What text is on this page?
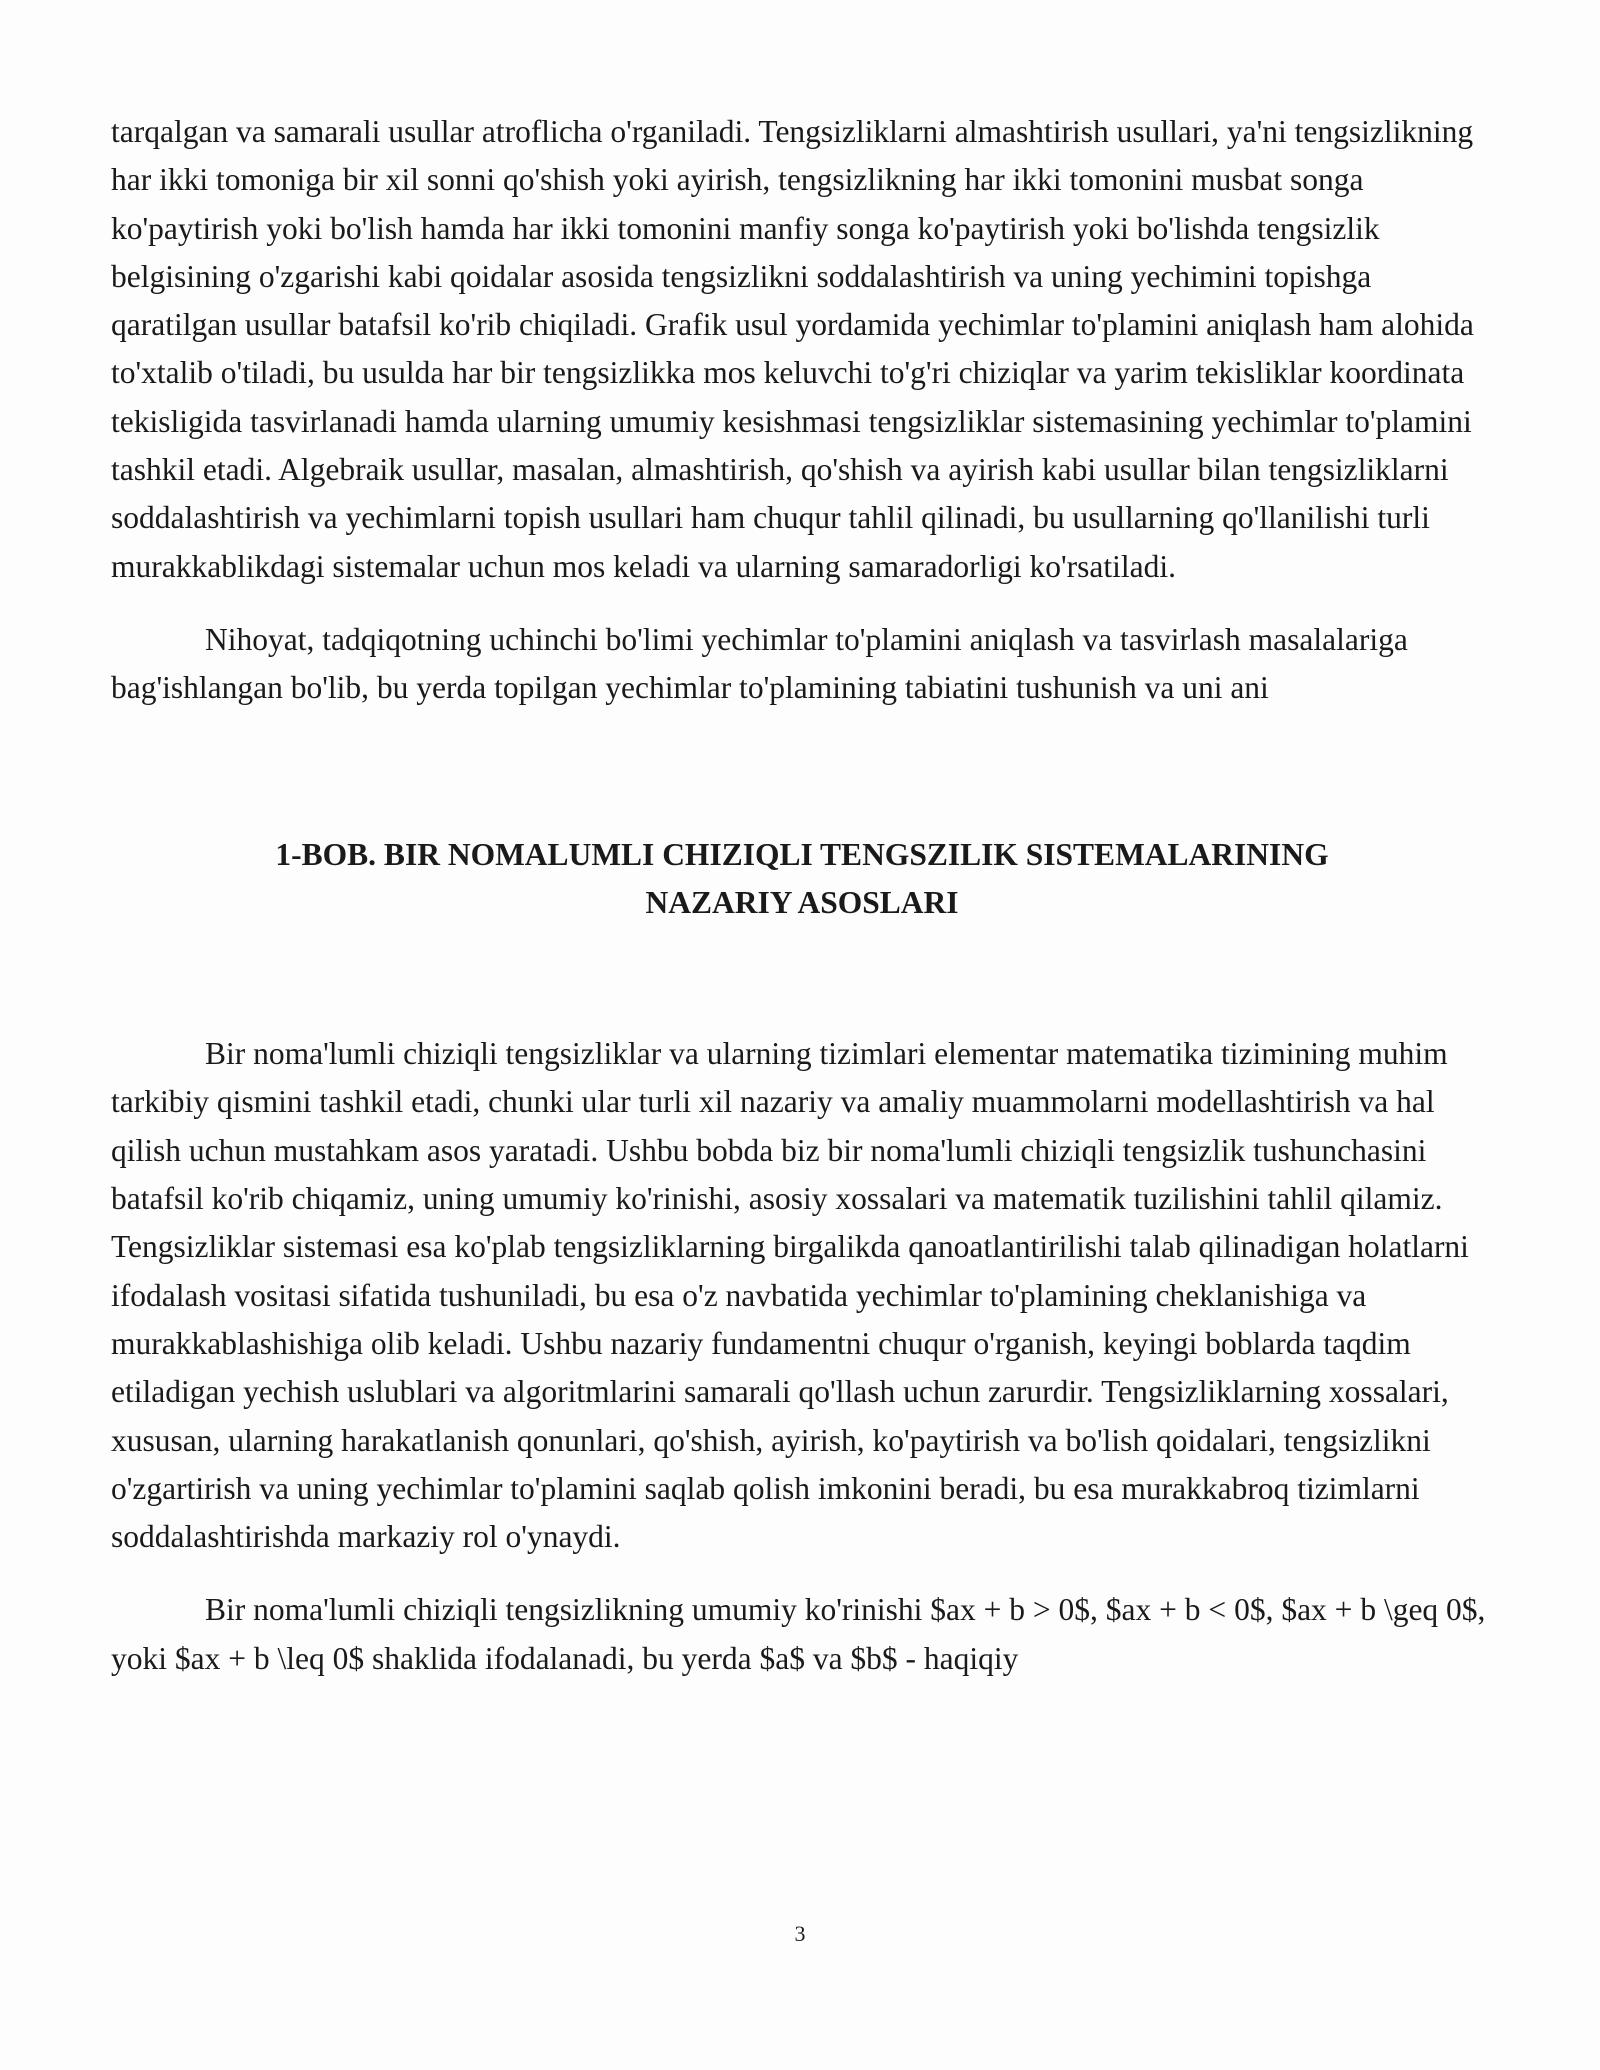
tarqalgan va samarali usullar atroflicha o'rganiladi. Tengsizliklarni almashtirish usullari, ya'ni tengsizlikning har ikki tomoniga bir xil sonni qo'shish yoki ayirish, tengsizlikning har ikki tomonini musbat songa ko'paytirish yoki bo'lish hamda har ikki tomonini manfiy songa ko'paytirish yoki bo'lishda tengsizlik belgisining o'zgarishi kabi qoidalar asosida tengsizlikni soddalashtirish va uning yechimini topishga qaratilgan usullar batafsil ko'rib chiqiladi. Grafik usul yordamida yechimlar to'plamini aniqlash ham alohida to'xtalib o'tiladi, bu usulda har bir tengsizlikka mos keluvchi to'g'ri chiziqlar va yarim tekisliklar koordinata tekisligida tasvirlanadi hamda ularning umumiy kesishmasi tengsizliklar sistemasining yechimlar to'plamini tashkil etadi. Algebraik usullar, masalan, almashtirish, qo'shish va ayirish kabi usullar bilan tengsizliklarni soddalashtirish va yechimlarni topish usullari ham chuqur tahlil qilinadi, bu usullarning qo'llanilishi turli murakkablikdagi sistemalar uchun mos keladi va ularning samaradorligi ko'rsatiladi.

Nihoyat, tadqiqotning uchinchi bo'limi yechimlar to'plamini aniqlash va tasvirlash masalalariga bag'ishlangan bo'lib, bu yerda topilgan yechimlar to'plamining tabiatini tushunish va uni ani

1-BOB. BIR NOMALUMLI CHIZIQLI TENGSZILIK SISTEMALARINING
NAZARIY ASOSLARI

Bir noma'lumli chiziqli tengsizliklar va ularning tizimlari elementar matematika tizimining muhim tarkibiy qismini tashkil etadi, chunki ular turli xil nazariy va amaliy muammolarni modellashtirish va hal qilish uchun mustahkam asos yaratadi. Ushbu bobda biz bir noma'lumli chiziqli tengsizlik tushunchasini batafsil ko'rib chiqamiz, uning umumiy ko'rinishi, asosiy xossalari va matematik tuzilishini tahlil qilamiz. Tengsizliklar sistemasi esa ko'plab tengsizliklarning birgalikda qanoatlantirilishi talab qilinadigan holatlarni ifodalash vositasi sifatida tushuniladi, bu esa o'z navbatida yechimlar to'plamining cheklanishiga va murakkablashishiga olib keladi. Ushbu nazariy fundamentni chuqur o'rganish, keyingi boblarda taqdim etiladigan yechish uslublari va algoritmlarini samarali qo'llash uchun zarurdir. Tengsizliklarning xossalari, xususan, ularning harakatlanish qonunlari, qo'shish, ayirish, ko'paytirish va bo'lish qoidalari, tengsizlikni o'zgartirish va uning yechimlar to'plamini saqlab qolish imkonini beradi, bu esa murakkabroq tizimlarni soddalashtirishda markaziy rol o'ynaydi.

Bir noma'lumli chiziqli tengsizlikning umumiy ko'rinishi $ax + b > 0$, $ax + b < 0$, $ax + b \geq 0$, yoki $ax + b \leq 0$ shaklida ifodalanadi, bu yerda $a$ va $b$ - haqiqiy

3
